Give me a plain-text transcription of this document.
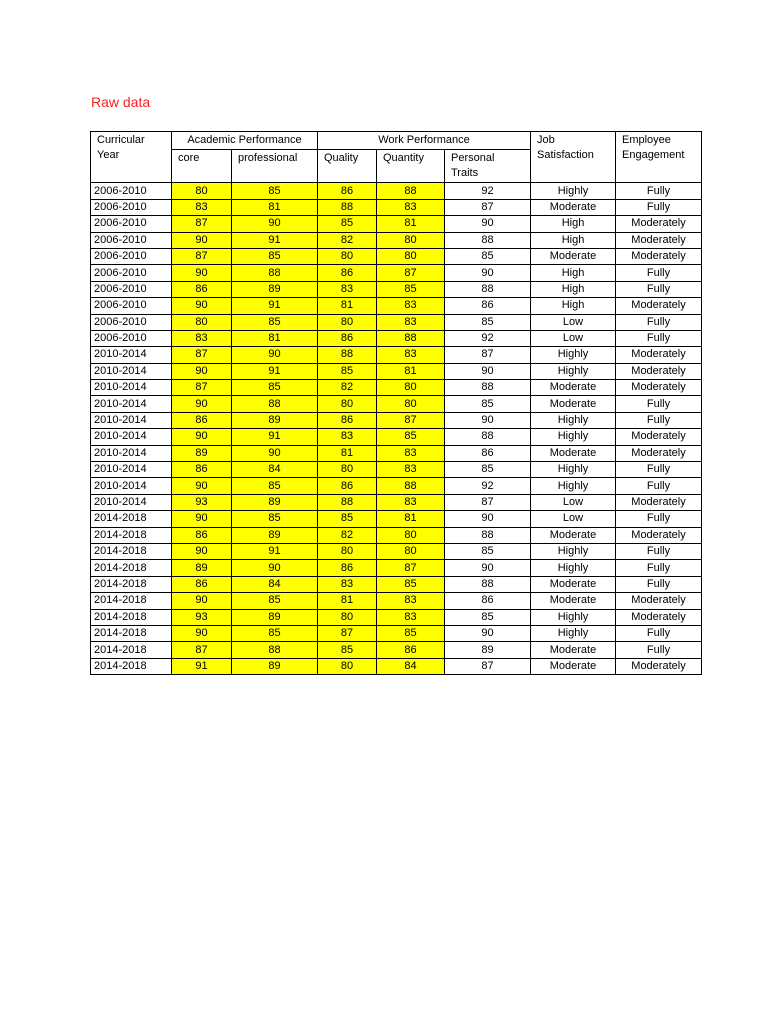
Raw data
Curricular Year	Academic Performance		Work Performance			Job Satisfaction	Employee Engagement
	core	professional	Quality	Quantity	Personal Traits		
2006-2010	80	85	86	88	92	Highly	Fully
2006-2010	83	81	88	83	87	Moderate	Fully
2006-2010	87	90	85	81	90	High	Moderately
2006-2010	90	91	82	80	88	High	Moderately
2006-2010	87	85	80	80	85	Moderate	Moderately
2006-2010	90	88	86	87	90	High	Fully
2006-2010	86	89	83	85	88	High	Fully
2006-2010	90	91	81	83	86	High	Moderately
2006-2010	80	85	80	83	85	Low	Fully
2006-2010	83	81	86	88	92	Low	Fully
2010-2014	87	90	88	83	87	Highly	Moderately
2010-2014	90	91	85	81	90	Highly	Moderately
2010-2014	87	85	82	80	88	Moderate	Moderately
2010-2014	90	88	80	80	85	Moderate	Fully
2010-2014	86	89	86	87	90	Highly	Fully
2010-2014	90	91	83	85	88	Highly	Moderately
2010-2014	89	90	81	83	86	Moderate	Moderately
2010-2014	86	84	80	83	85	Highly	Fully
2010-2014	90	85	86	88	92	Highly	Fully
2010-2014	93	89	88	83	87	Low	Moderately
2014-2018	90	85	85	81	90	Low	Fully
2014-2018	86	89	82	80	88	Moderate	Moderately
2014-2018	90	91	80	80	85	Highly	Fully
2014-2018	89	90	86	87	90	Highly	Fully
2014-2018	86	84	83	85	88	Moderate	Fully
2014-2018	90	85	81	83	86	Moderate	Moderately
2014-2018	93	89	80	83	85	Highly	Moderately
2014-2018	90	85	87	85	90	Highly	Fully
2014-2018	87	88	85	86	89	Moderate	Fully
2014-2018	91	89	80	84	87	Moderate	Moderately
